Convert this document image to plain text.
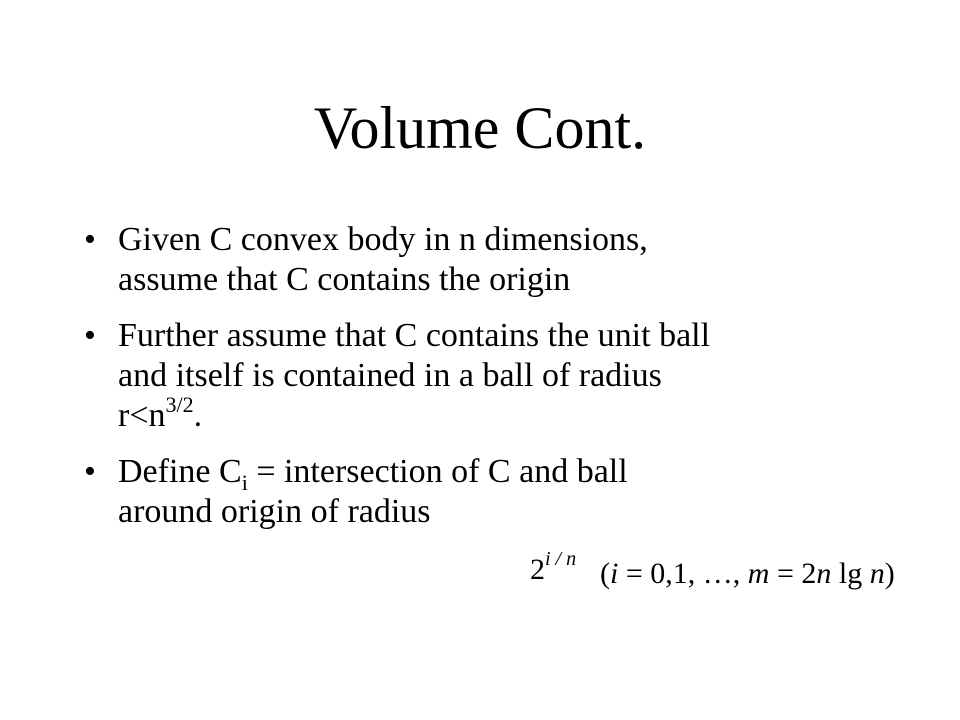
Volume Cont.
• Given C convex body in n dimensions,
assume that C contains the origin
• Further assume that C contains the unit ball
and itself is contained in a ball of radius
$r<n^{3/2}$.
• Define $C_i$ = intersection of C and ball
around origin of radius
$2^{i / n}$ (i = 0,1, …, m = 2n lg n)
